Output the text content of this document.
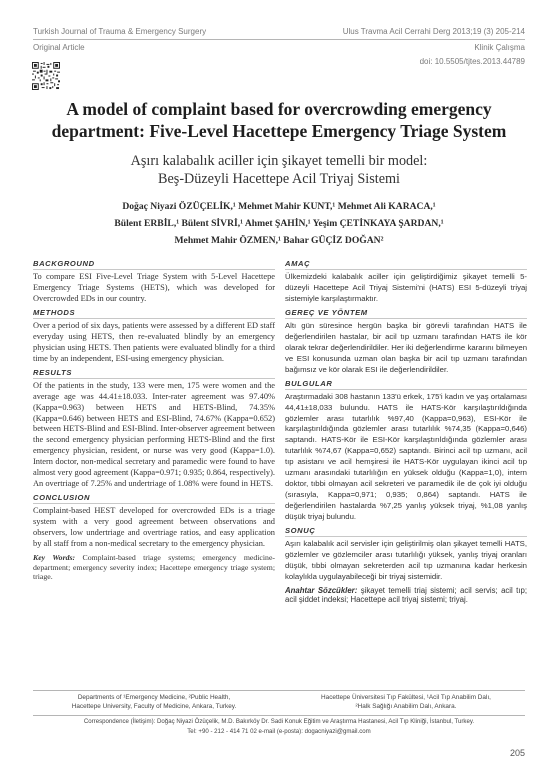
Turkish Journal of Trauma & Emergency Surgery	Ulus Travma Acil Cerrahi Derg 2013;19 (3) 205-214
Original Article	Klinik Çalışma
doi: 10.5505/tjtes.2013.44789
A model of complaint based for overcrowding emergency department: Five-Level Hacettepe Emergency Triage System
Aşırı kalabalık aciller için şikayet temelli bir model:
Beş-Düzeyli Hacettepe Acil Triyaj Sistemi
Doğaç Niyazi ÖZÜÇELİK,¹ Mehmet Mahir KUNT,¹ Mehmet Ali KARACA,¹
Bülent ERBİL,¹ Bülent SİVRİ,¹ Ahmet ŞAHİN,¹ Yeşim ÇETİNKAYA ŞARDAN,¹
Mehmet Mahir ÖZMEN,¹ Bahar GÜÇİZ DOĞAN²
BACKGROUND

To compare ESI Five-Level Triage System with 5-Level Hacettepe Emergency Triage Systems (HETS), which was developed for Overcrowded EDs in our country.

METHODS

Over a period of six days, patients were assessed by a different ED staff everyday using HETS, then re-evaluated blindly by an emergency physician using HETS. Then patients were evaluated blindly for a third time by an independent, ESI-using emergency physician.

RESULTS

Of the patients in the study, 133 were men, 175 were women and the average age was 44.41±18.033. Inter-rater agreement was 97.40% (Kappa=0.963) between HETS and HETS-Blind, 74.35% (Kappa=0.646) between HETS and ESI-Blind, 74.67% (Kappa=0.652) between HETS-Blind and ESI-Blind. Inter-observer agreement between the second emergency physician performing HETS-Blind and the first emergency physician, resident, or nurse was very good (Kappa=1.0). Intern doctor, non-medical secretary and paramedic were found to have almost very good agreement (Kappa=0.971; 0.935; 0.864, respectively). An overtriage of 7.25% and undertriage of 1.08% were found in HETS.

CONCLUSION

Complaint-based HEST developed for overcrowded EDs is a triage system with a very good agreement between observations and observers, low undertriage and overtriage ratios, and easy application by all staff from a non-medical secretary to the emergency physician.

Key Words: Complaint-based triage systems; emergency medicine-department; emergency severity index; Hacettepe emergency triage system; triage.
AMAÇ

Ülkemizdeki kalabalık aciller için geliştirdiğimiz şikayet temelli 5-düzeyli Hacettepe Acil Triyaj Sistemi'ni (HATS) ESI 5-düzeyli triyaj sistemiyle karşılaştırmaktır.

GEREÇ VE YÖNTEM

Altı gün süresince hergün başka bir görevli tarafından HATS ile değerlendirilen hastalar, bir acil tıp uzmanı tarafından HATS ile kör olarak tekrar değerlendirildiler. Her iki değerlendirme kararını bilmeyen ve ESI konusunda uzman olan başka bir acil tıp uzmanı tarafından bağımsız ve kör olarak ESI ile değerlendirildiler.

BULGULAR

Araştırmadaki 308 hastanın 133'ü erkek, 175'i kadın ve yaş ortalaması 44,41±18,033 bulundu. HATS ile HATS-Kör karşılaştırıldığında gözlemler arası tutarlılık %97,40 (Kappa=0,963), ESI-Kör ile karşılaştırıldığında gözlemler arası tutarlılık %74,35 (Kappa=0,646) saptandı. HATS-Kör ile ESI-Kör karşılaştırıldığında gözlemler arası tutarlılık %74,67 (Kappa=0,652) saptandı. Birinci acil tıp uzmanı, acil tıp asistanı ve acil hemşiresi ile HATS-Kör uygulayan ikinci acil tıp uzmanı arasındaki tutarlılığın en yüksek olduğu (Kappa=1,0), intern doktor, tıbbi olmayan acil sekreteri ve paramedik ile de çok iyi olduğu (sırasıyla, Kappa=0,971; 0,935; 0,864) saptandı. HATS ile değerlendirilen hastalarda %7,25 yanlış yüksek triyaj, %1,08 yanlış düşük triyaj bulundu.

SONUÇ

Aşırı kalabalık acil servisler için geliştirilmiş olan şikayet temelli HATS, gözlemler ve gözlemciler arası tutarlılığı yüksek, yanlış triyaj oranları düşük, tıbbi olmayan sekreterden acil tıp uzmanına kadar herkesin kolaylıkla uygulayabileceği bir triyaj sistemidir.

Anahtar Sözcükler: şikayet temelli triaj sistemi; acil servis; acil tıp; acil şiddet indeksi; Hacettepe acil triyaj sistemi; triyaj.
Departments of ¹Emergency Medicine, ²Public Health,
Hacettepe University, Faculty of Medicine, Ankara, Turkey.
Hacettepe Üniversitesi Tıp Fakültesi, ¹Acil Tıp Anabilim Dalı,
²Halk Sağlığı Anabilim Dalı, Ankara.
Correspondence (İletişim): Doğaç Niyazi Özüçelik, M.D. Bakırköy Dr. Sadi Konuk Eğitim ve Araştırma Hastanesi, Acil Tıp Kliniği, İstanbul, Turkey.
Tel: +90 - 212 - 414 71 02 e-mail (e-posta): dogacniyazi@gmail.com
205
